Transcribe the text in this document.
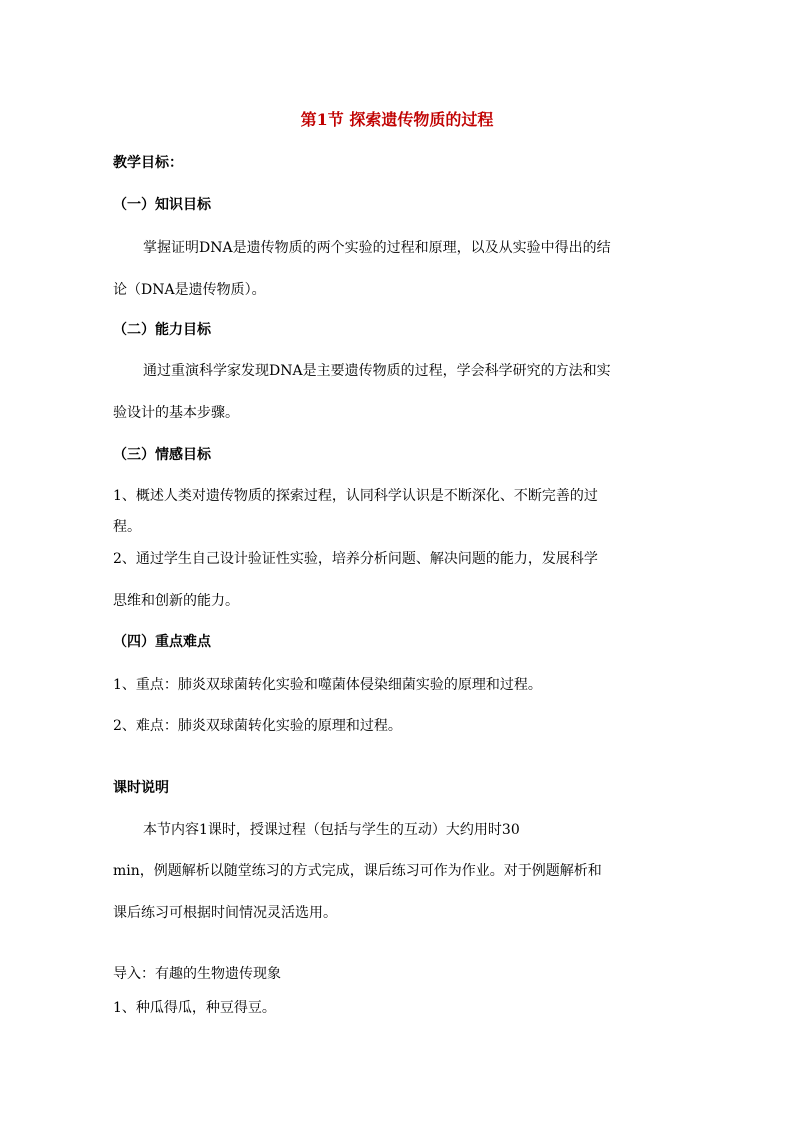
第1节 探索遗传物质的过程
教学目标：
（一）知识目标
掌握证明DNA是遗传物质的两个实验的过程和原理，以及从实验中得出的结
论（DNA是遗传物质）。
（二）能力目标
通过重演科学家发现DNA是主要遗传物质的过程，学会科学研究的方法和实
验设计的基本步骤。
（三）情感目标
1、概述人类对遗传物质的探索过程，认同科学认识是不断深化、不断完善的过
程。
2、通过学生自己设计验证性实验，培养分析问题、解决问题的能力，发展科学
思维和创新的能力。
（四）重点难点
1、重点：肺炎双球菌转化实验和噬菌体侵染细菌实验的原理和过程。
2、难点：肺炎双球菌转化实验的原理和过程。
课时说明
本节内容1课时，授课过程（包括与学生的互动）大约用时30
min，例题解析以随堂练习的方式完成，课后练习可作为作业。对于例题解析和
课后练习可根据时间情况灵活选用。
导入：有趣的生物遗传现象
1、种瓜得瓜，种豆得豆。
